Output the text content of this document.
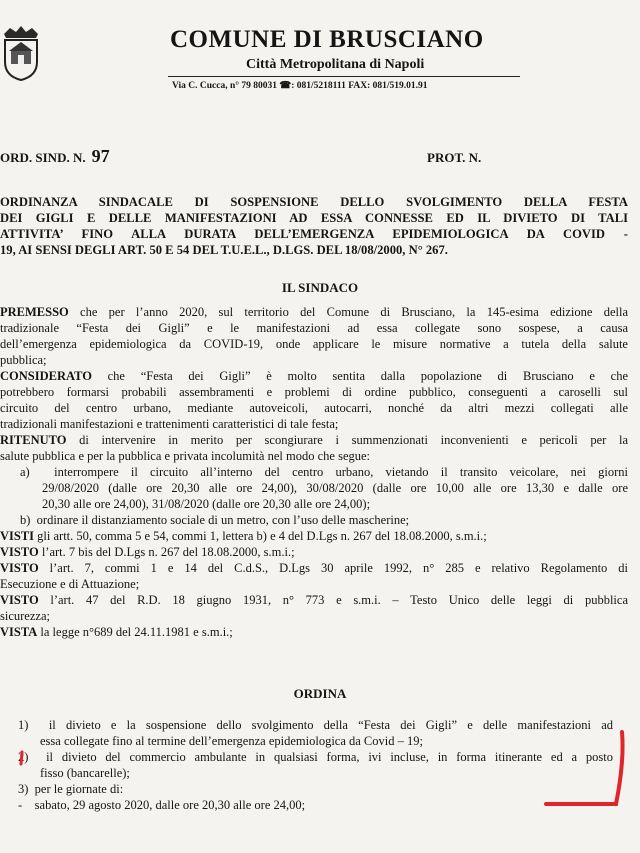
COMUNE DI BRUSCIANO
Città Metropolitana di Napoli
Via C. Cucca, n° 79 80031 ☎: 081/5218111 FAX: 081/519.01.91
ORD. SIND. N. 97	PROT. N.
ORDINANZA SINDACALE DI SOSPENSIONE DELLO SVOLGIMENTO DELLA FESTA
DEI GIGLI E DELLE MANIFESTAZIONI AD ESSA CONNESSE ED IL DIVIETO DI TALI
ATTIVITA’ FINO ALLA DURATA DELL’EMERGENZA EPIDEMIOLOGICA DA COVID -
19, AI SENSI DEGLI ART. 50 E 54 DEL T.U.E.L., D.LGS. DEL 18/08/2000, N° 267.
IL SINDACO
PREMESSO che per l’anno 2020, sul territorio del Comune di Brusciano, la 145-esima edizione della
tradizionale “Festa dei Gigli” e le manifestazioni ad essa collegate sono sospese, a causa
dell’emergenza epidemiologica da COVID-19, onde applicare le misure normative a tutela della salute
pubblica;
CONSIDERATO che “Festa dei Gigli” è molto sentita dalla popolazione di Brusciano e che
potrebbero formarsi probabili assembramenti e problemi di ordine pubblico, conseguenti a caroselli sul
circuito del centro urbano, mediante autoveicoli, autocarri, nonché da altri mezzi collegati alle
tradizionali manifestazioni e trattenimenti caratteristici di tale festa;
RITENUTO di intervenire in merito per scongiurare i summenzionati inconvenienti e pericoli per la
salute pubblica e per la pubblica e privata incolumità nel modo che segue:
a) interrompere il circuito all’interno del centro urbano, vietando il transito veicolare, nei giorni
29/08/2020 (dalle ore 20,30 alle ore 24,00), 30/08/2020 (dalle ore 10,00 alle ore 13,30 e dalle ore
20,30 alle ore 24,00), 31/08/2020 (dalle ore 20,30 alle ore 24,00);
b) ordinare il distanziamento sociale di un metro, con l’uso delle mascherine;
VISTI gli artt. 50, comma 5 e 54, commi 1, lettera b) e 4 del D.Lgs n. 267 del 18.08.2000, s.m.i.;
VISTO l’art. 7 bis del D.Lgs n. 267 del 18.08.2000, s.m.i.;
VISTO l’art. 7, commi 1 e 14 del C.d.S., D.Lgs 30 aprile 1992, n° 285 e relativo Regolamento di
Esecuzione e di Attuazione;
VISTO l’art. 47 del R.D. 18 giugno 1931, n° 773 e s.m.i. – Testo Unico delle leggi di pubblica
sicurezza;
VISTA la legge n°689 del 24.11.1981 e s.m.i.;
ORDINA
1) il divieto e la sospensione dello svolgimento della “Festa dei Gigli” e delle manifestazioni ad
essa collegate fino al termine dell’emergenza epidemiologica da Covid – 19;
2) il divieto del commercio ambulante in qualsiasi forma, ivi incluse, in forma itinerante ed a posto
fisso (bancarelle);
3) per le giornate di:
- sabato, 29 agosto 2020, dalle ore 20,30 alle ore 24,00;
